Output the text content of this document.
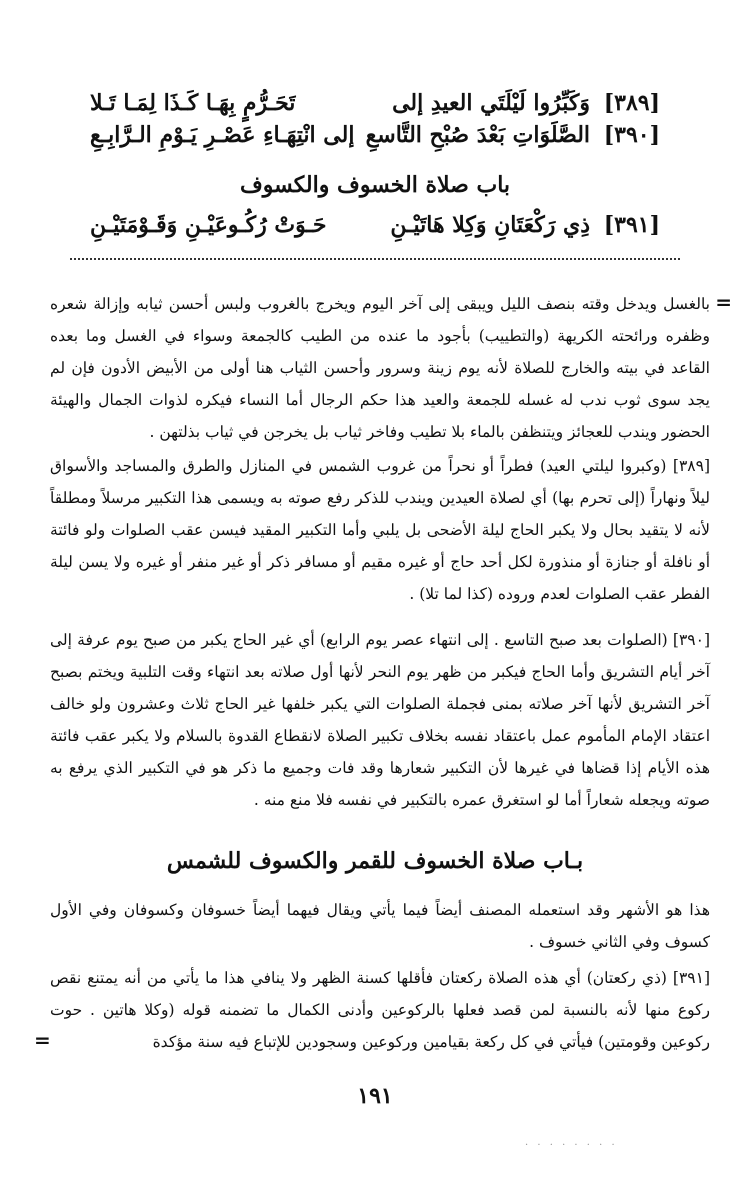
[٣٨٩] وَكَبِّرُوا لَيْلَتَي العيدِ إلى
تَحَـرُّمٍ بِهَـا كَـذَا لِمَـا تَـلا
[٣٩٠] الصَّلَوَاتِ بَعْدَ صُبْحِ التَّاسعِ
إلى انْتِهَـاءِ عَصْـرِ يَـوْمِ الـرَّابِـعِ
باب صلاة الخسوف والكسوف
[٣٩١] ذِي رَكْعَتَانِ وَكِلا هَاتَيْـنِ
حَـوَتْ رُكُـوعَيْـنِ وَقَـوْمَتَيْـنِ
=
بالغسل ويدخل وقته بنصف الليل ويبقى إلى آخر اليوم ويخرج بالغروب ولبس أحسن ثيابه وإزالة شعره وظفره ورائحته الكريهة (والتطييب) بأجود ما عنده من الطيب كالجمعة وسواء في الغسل وما بعده القاعد في بيته والخارج للصلاة لأنه يوم زينة وسرور وأحسن الثياب هنا أولى من الأبيض الأدون فإن لم يجد سوى ثوب ندب له غسله للجمعة والعيد هذا حكم الرجال أما النساء فيكره لذوات الجمال والهيئة الحضور ويندب للعجائز ويتنظفن بالماء بلا تطيب وفاخر ثياب بل يخرجن في ثياب بذلتهن .
[٣٨٩] (وكبروا ليلتي العيد) فطراً أو نحراً من غروب الشمس في المنازل والطرق والمساجد والأسواق ليلاً ونهاراً (إلى تحرم بها) أي لصلاة العيدين ويندب للذكر رفع صوته به ويسمى هذا التكبير مرسلاً ومطلقاً لأنه لا يتقيد بحال ولا يكبر الحاج ليلة الأضحى بل يلبي وأما التكبير المقيد فيسن عقب الصلوات ولو فائتة أو نافلة أو جنازة أو منذورة لكل أحد حاج أو غيره مقيم أو مسافر ذكر أو غير منفر أو غيره ولا يسن ليلة الفطر عقب الصلوات لعدم وروده (كذا لما تلا) .
[٣٩٠] (الصلوات بعد صبح التاسع . إلى انتهاء عصر يوم الرابع) أي غير الحاج يكبر من صبح يوم عرفة إلى آخر أيام التشريق وأما الحاج فيكبر من ظهر يوم النحر لأنها أول صلاته بعد انتهاء وقت التلبية ويختم بصبح آخر التشريق لأنها آخر صلاته بمنى فجملة الصلوات التي يكبر خلفها غير الحاج ثلاث وعشرون ولو خالف اعتقاد الإمام المأموم عمل باعتقاد نفسه بخلاف تكبير الصلاة لانقطاع القدوة بالسلام ولا يكبر عقب فائتة هذه الأيام إذا قضاها في غيرها لأن التكبير شعارها وقد فات وجميع ما ذكر هو في التكبير الذي يرفع به صوته ويجعله شعاراً أما لو استغرق عمره بالتكبير في نفسه فلا منع منه .
بـاب صلاة الخسوف للقمر والكسوف للشمس
هذا هو الأشهر وقد استعمله المصنف أيضاً فيما يأتي ويقال فيهما أيضاً خسوفان وكسوفان وفي الأول كسوف وفي الثاني خسوف .
[٣٩١] (ذي ركعتان) أي هذه الصلاة ركعتان فأقلها كسنة الظهر ولا ينافي هذا ما يأتي من أنه يمتنع نقص ركوع منها لأنه بالنسبة لمن قصد فعلها بالركوعين وأدنى الكمال ما تضمنه قوله (وكلا هاتين . حوت ركوعين وقومتين) فيأتي في كل ركعة بقيامين وركوعين وسجودين للإتباع فيه سنة مؤكدة
=
١٩١
· · · · · · · ·
